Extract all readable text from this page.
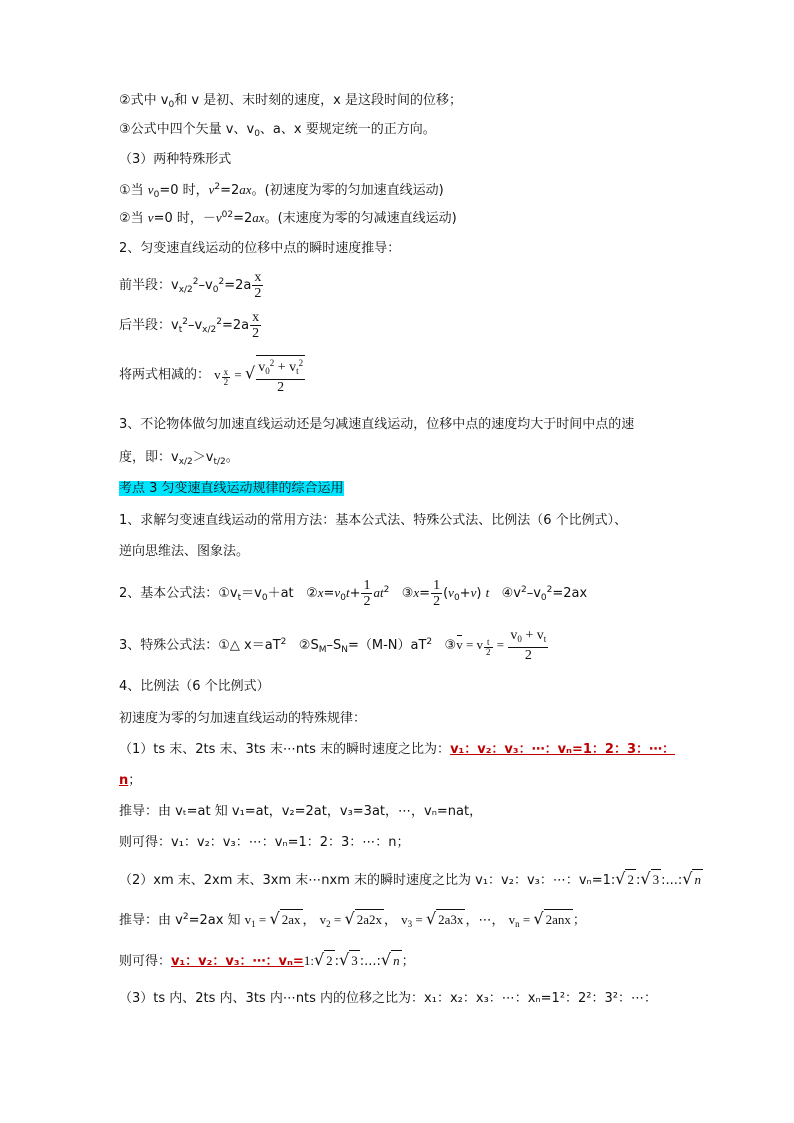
②式中 $v_0$和 v 是初、末时刻的速度，x 是这段时间的位移；
③公式中四个矢量 v、$v_0$、a、x 要规定统一的正方向。
（3）两种特殊形式
①当 $v_0=0$ 时，$v^2=2ax$。(初速度为零的匀加速直线运动)
②当 v=0 时，$-v^{02}=2ax$。(末速度为零的匀减速直线运动)
2、匀变速直线运动的位移中点的瞬时速度推导：
前半段：$v_{x/2}^2-v_0^2=2a \frac{x}{2}$
后半段：$v_t^2-v_{x/2}^2=2a \frac{x}{2}$
将两式相减的： v $\frac{x}{2}$ = √ $\frac{v_0^2 + v_t^2}{2}$
3、不论物体做匀加速直线运动还是匀减速直线运动，位移中点的速度均大于时间中点的速
度，即：$v_{x/2}>v_{t/2}$。
考点 3 匀变速直线运动规律的综合运用
1、求解匀变速直线运动的常用方法：基本公式法、特殊公式法、比例法（6 个比例式）、
逆向思维法、图象法。
2、基本公式法：$①v_t=v_0+at$   $②x=v_0t+ \frac{1}{2} at^2$   ③x= $\frac{1}{2} (v_0+v)$ t   $④v^2-v_0^2=2ax$
3、特殊公式法：①△ $x=aT^2$ $②S_M-S_N=(M-N)aT^2$ ③v = v $\frac{t}{2} = \frac{v_0 + v_t}{2}$
4、比例法（6 个比例式）
初速度为零的匀加速直线运动的特殊规律：
（1）ts 末、2ts 末、3ts 末⋯nts 末的瞬时速度之比为：v₁：v₂：v₃：⋯：vₙ=1：2：3：⋯：
n；
推导：由 vₜ=at 知 v₁=at，v₂=2at，v₃=3at，⋯，vₙ=nat，
则可得：v₁：v₂：v₃：⋯：vₙ=1：2：3：⋯：n；
（2）xm 末、2xm 末、3xm 末⋯nxm 末的瞬时速度之比为 v₁：v₂：v₃：⋯：vₙ=1:√ 2 :√ 3 :...:√ n
推导：由 $v^2=2ax$ 知 $v_1$ = √ 2ax ， $v_2$ = √ 2a2x ， $v_3$ = √ 2a3x ，⋯， $v_n$ = √ 2anx ；
则可得：v₁：v₂：v₃：⋯：vₙ=1:√ 2 :√ 3 :...:√ n ；
（3）ts 内、2ts 内、3ts 内⋯nts 内的位移之比为：x₁：x₂：x₃：⋯：xₙ=1²：2²：3²：⋯：
